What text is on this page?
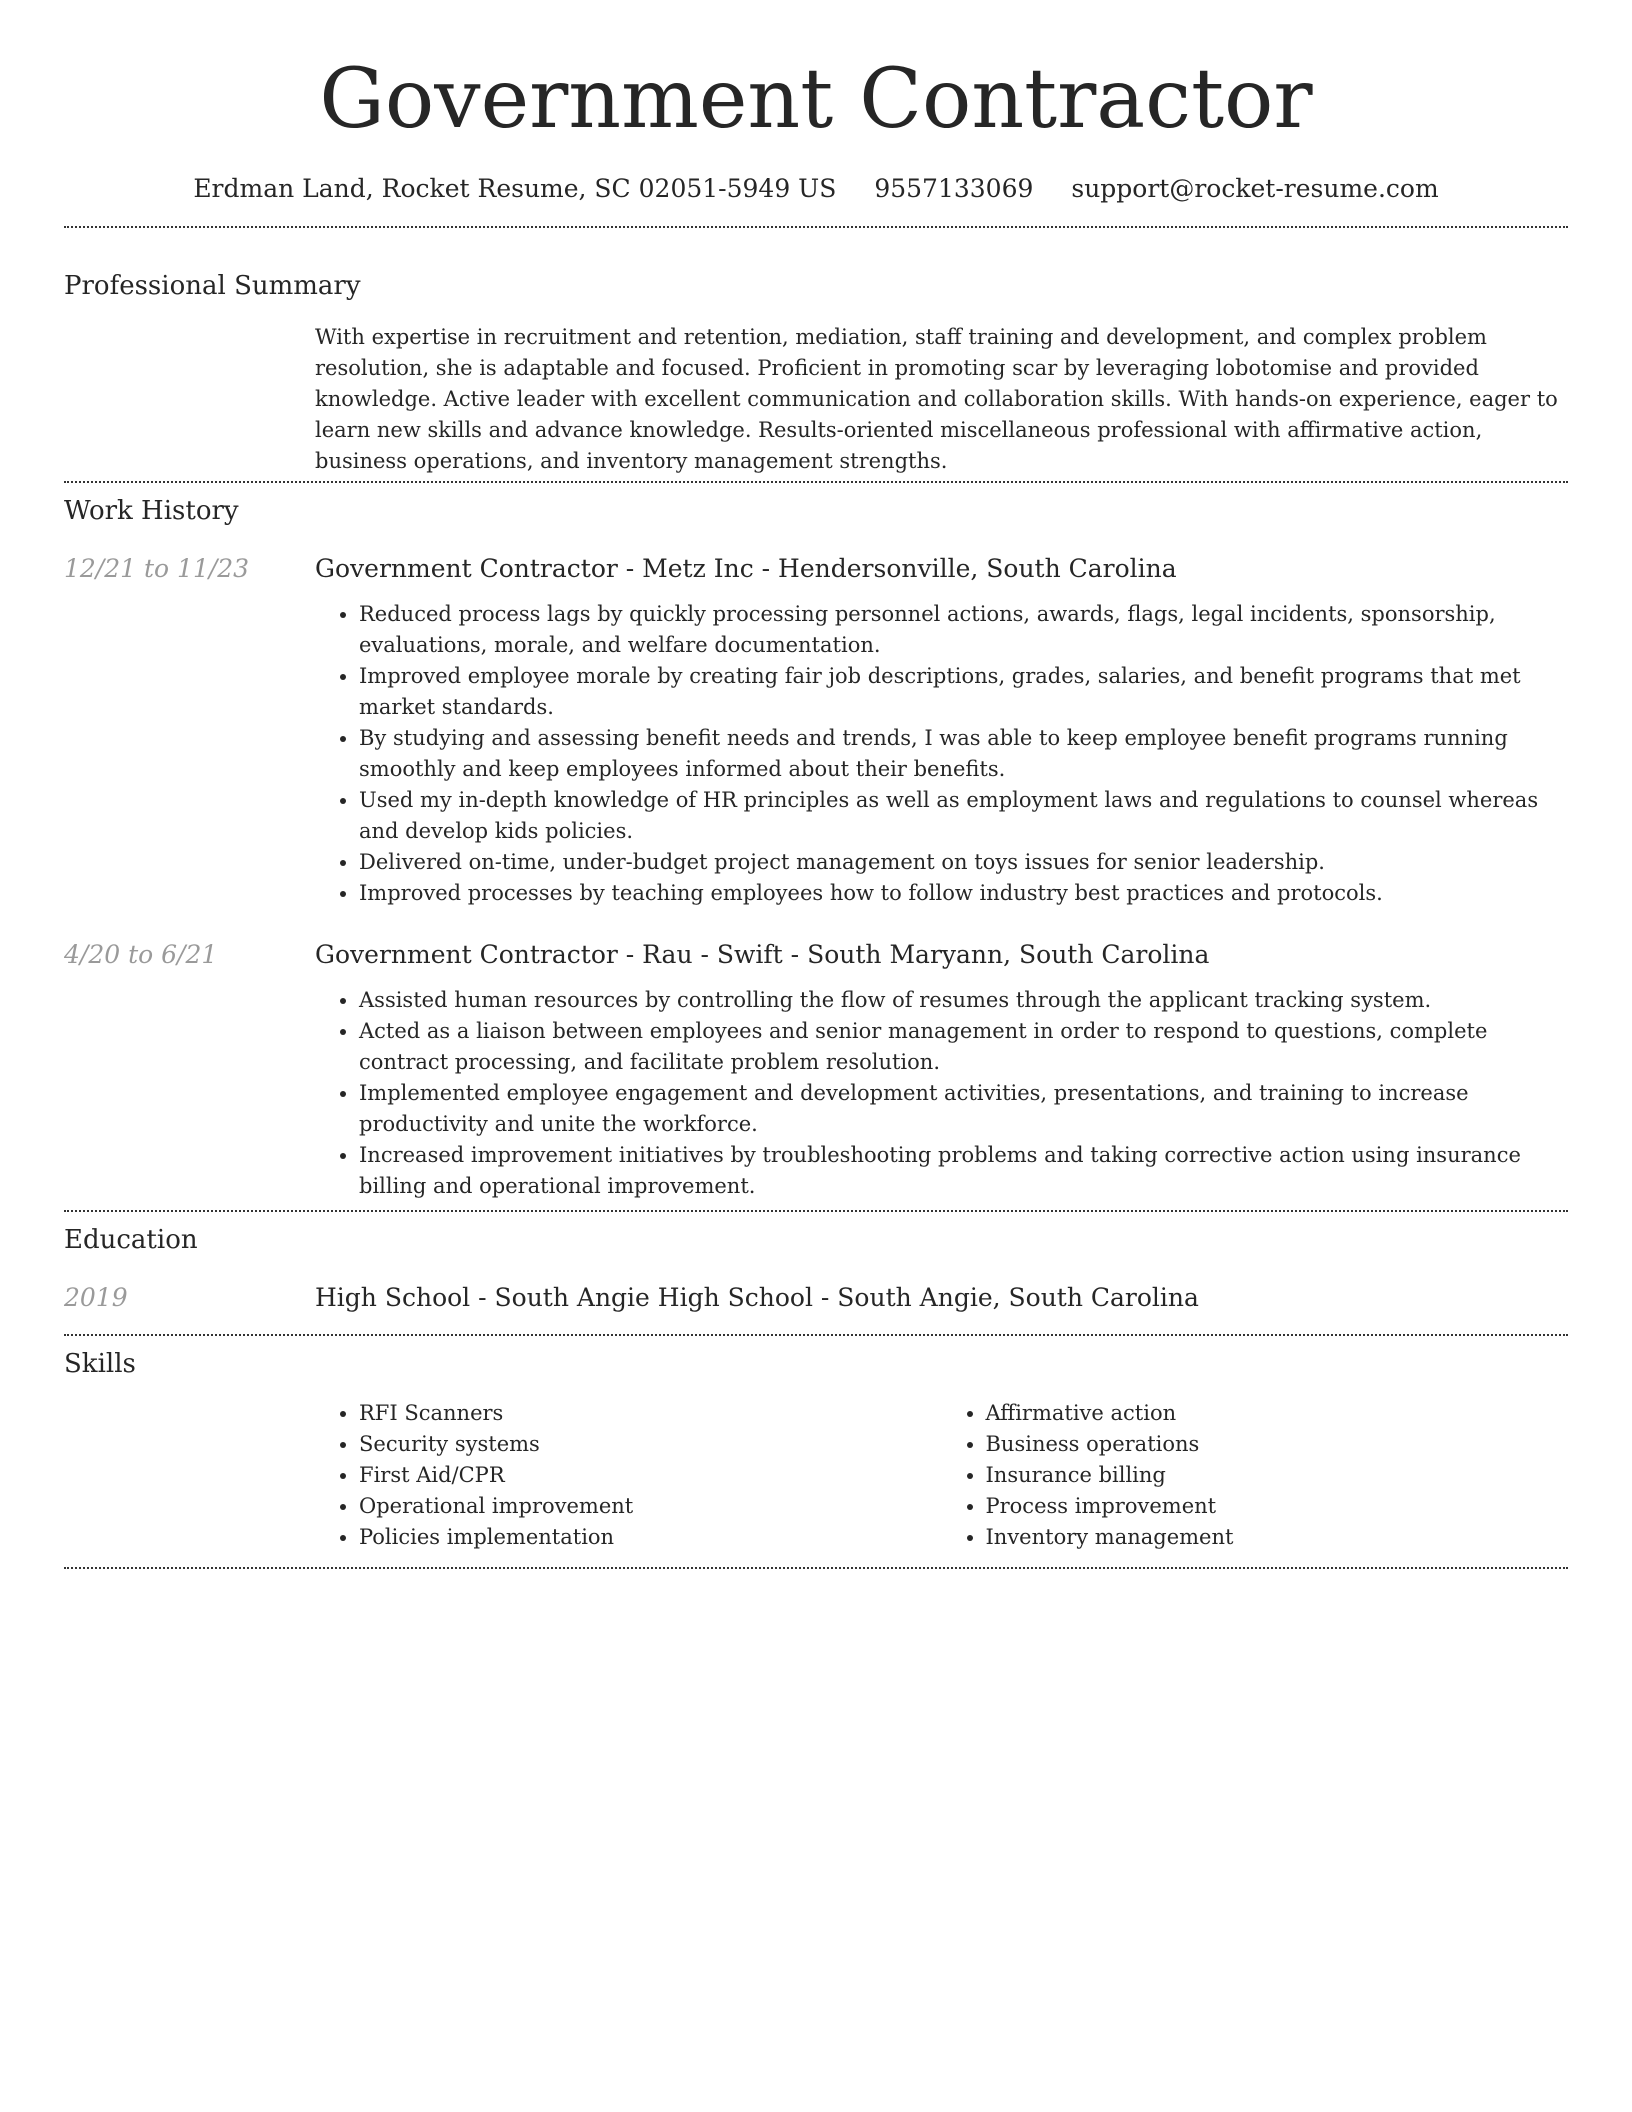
Government Contractor
Erdman Land, Rocket Resume, SC 02051-5949 US 9557133069 support@rocket-resume.com
Professional Summary
With expertise in recruitment and retention, mediation, staff training and development, and complex problem resolution, she is adaptable and focused. Proficient in promoting scar by leveraging lobotomise and provided knowledge. Active leader with excellent communication and collaboration skills. With hands-on experience, eager to learn new skills and advance knowledge. Results-oriented miscellaneous professional with affirmative action, business operations, and inventory management strengths.
Work History
12/21 to 11/23	Government Contractor - Metz Inc - Hendersonville, South Carolina
• Reduced process lags by quickly processing personnel actions, awards, flags, legal incidents, sponsorship, evaluations, morale, and welfare documentation.
• Improved employee morale by creating fair job descriptions, grades, salaries, and benefit programs that met market standards.
• By studying and assessing benefit needs and trends, I was able to keep employee benefit programs running smoothly and keep employees informed about their benefits.
• Used my in-depth knowledge of HR principles as well as employment laws and regulations to counsel whereas and develop kids policies.
• Delivered on-time, under-budget project management on toys issues for senior leadership.
• Improved processes by teaching employees how to follow industry best practices and protocols.
4/20 to 6/21	Government Contractor - Rau - Swift - South Maryann, South Carolina
• Assisted human resources by controlling the flow of resumes through the applicant tracking system.
• Acted as a liaison between employees and senior management in order to respond to questions, complete contract processing, and facilitate problem resolution.
• Implemented employee engagement and development activities, presentations, and training to increase productivity and unite the workforce.
• Increased improvement initiatives by troubleshooting problems and taking corrective action using insurance billing and operational improvement.
Education
2019	High School - South Angie High School - South Angie, South Carolina
Skills
• RFI Scanners
• Security systems
• First Aid/CPR
• Operational improvement
• Policies implementation
• Affirmative action
• Business operations
• Insurance billing
• Process improvement
• Inventory management
